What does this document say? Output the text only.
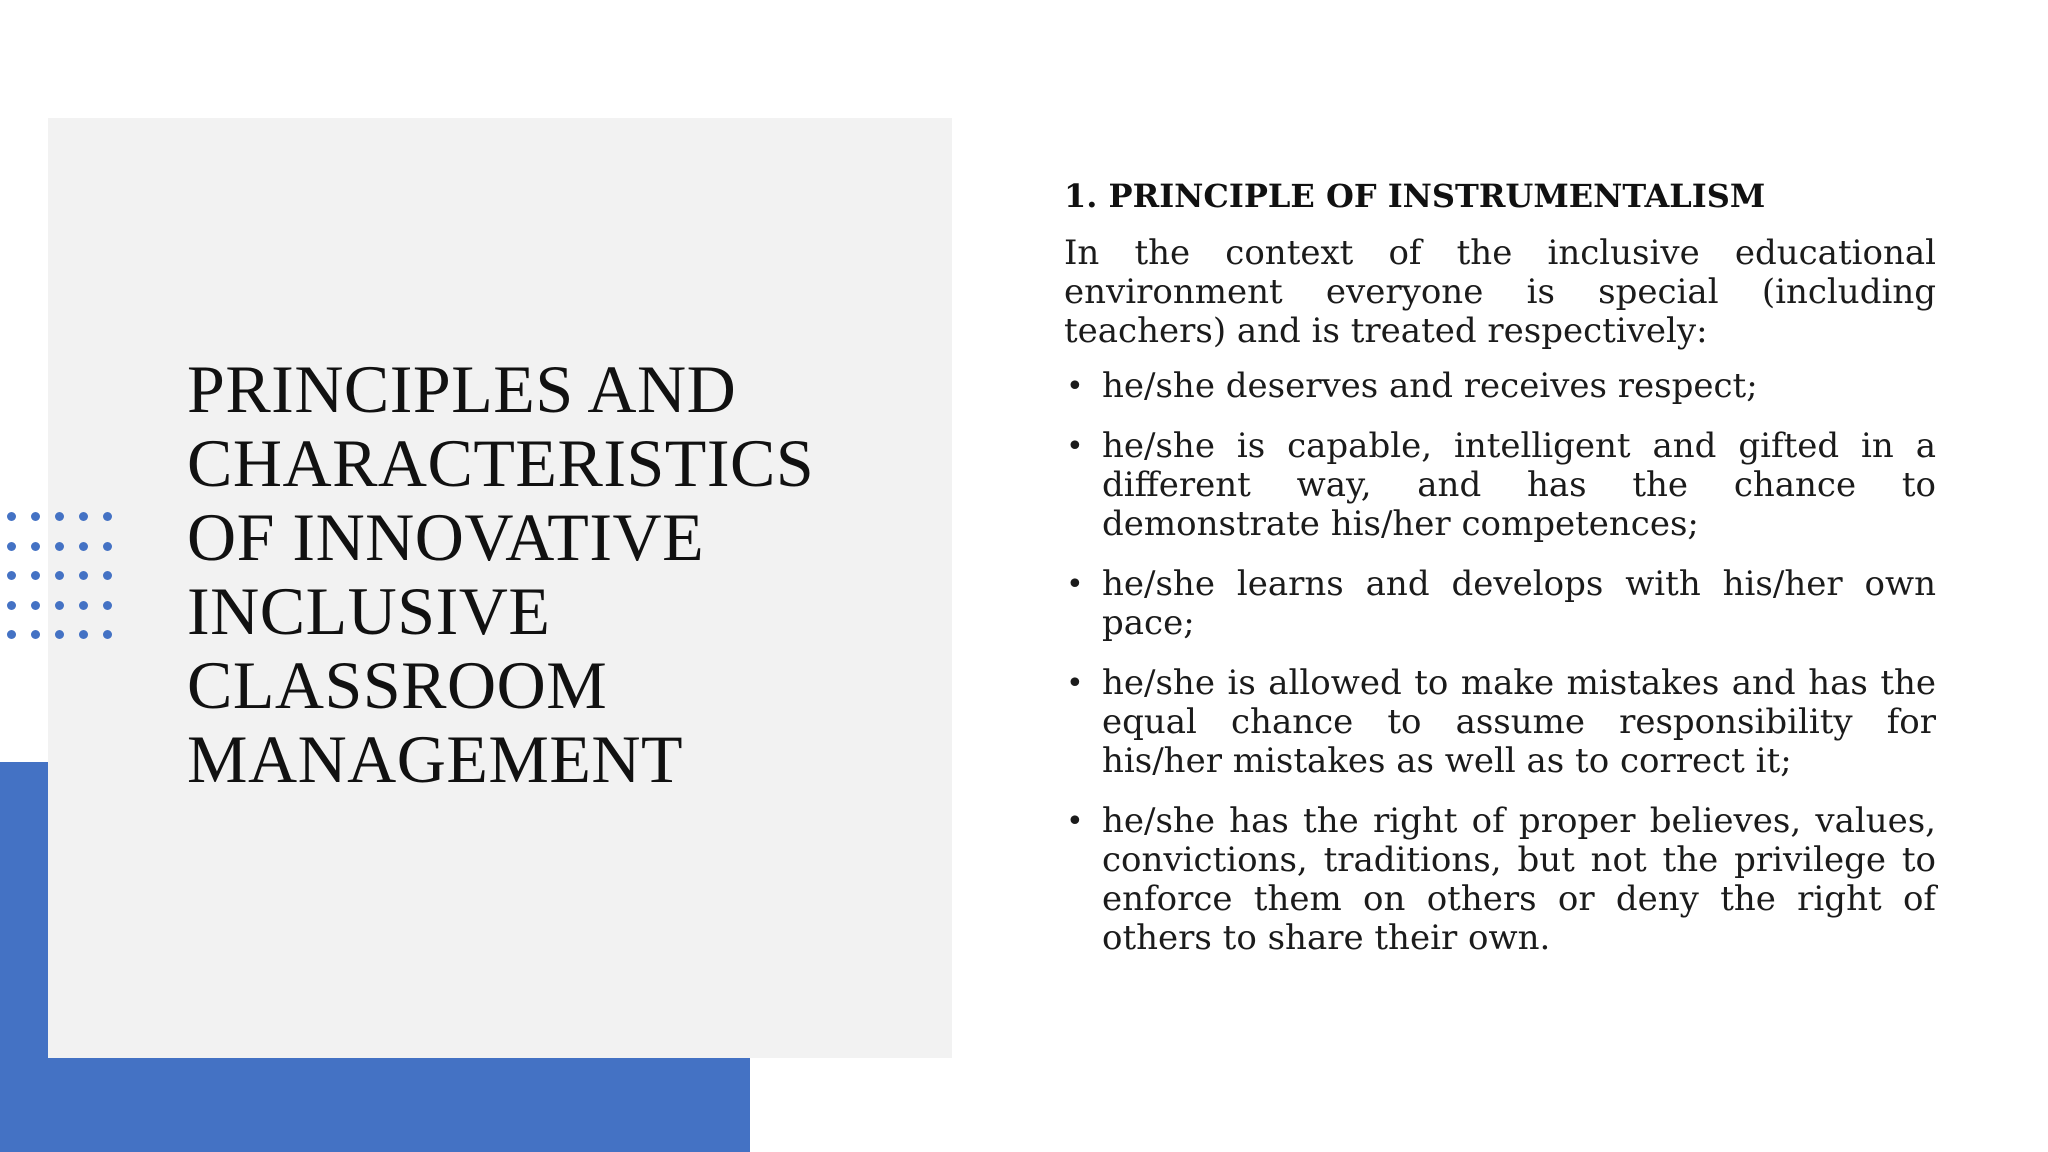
PRINCIPLES AND
CHARACTERISTICS
OF INNOVATIVE
INCLUSIVE
CLASSROOM
MANAGEMENT
1. PRINCIPLE OF INSTRUMENTALISM

In the context of the inclusive educational environment everyone is special (including teachers) and is treated respectively:

• he/she deserves and receives respect;
• he/she is capable, intelligent and gifted in a different way, and has the chance to demonstrate his/her competences;
• he/she learns and develops with his/her own pace;
• he/she is allowed to make mistakes and has the equal chance to assume responsibility for his/her mistakes as well as to correct it;
• he/she has the right of proper believes, values, convictions, traditions, but not the privilege to enforce them on others or deny the right of others to share their own.
